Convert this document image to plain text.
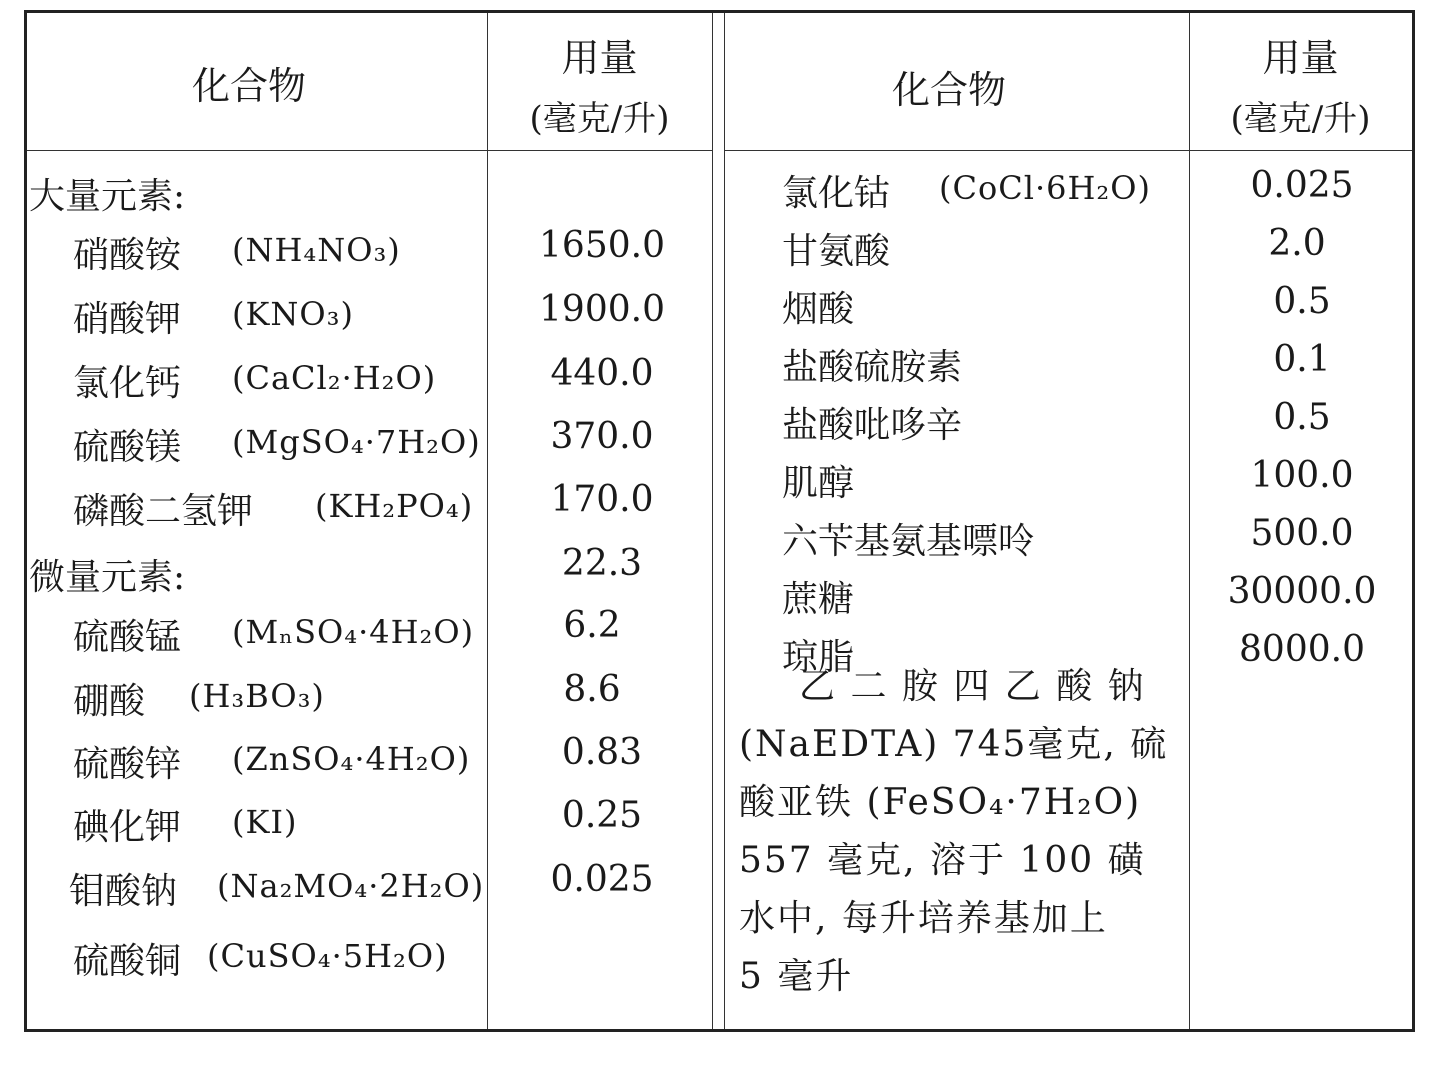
化合物
用量
(毫克/升)
化合物
用量
(毫克/升)
大量元素:
微量元素:
硝酸铵
硝酸钾
氯化钙
硫酸镁
磷酸二氢钾
硫酸锰
硼酸
硫酸锌
碘化钾
钼酸钠
硫酸铜
(NH₄NO₃)
(KNO₃)
(CaCl₂·H₂O)
(MgSO₄·7H₂O)
(KH₂PO₄)
(MₙSO₄·4H₂O)
(H₃BO₃)
(ZnSO₄·4H₂O)
(KI)
(Na₂MO₄·2H₂O)
(CuSO₄·5H₂O)
1650.0
1900.0
440.0
370.0
170.0
22.3
6.2
8.6
0.83
0.25
0.025
氯化钴 (CoCl·6H₂O)
甘氨酸
烟酸
盐酸硫胺素
盐酸吡哆辛
肌醇
六苄基氨基嘌呤
蔗糖
琼脂
0.025
2.0
0.5
0.1
0.5
100.0
500.0
30000.0
8000.0
乙 二 胺 四 乙 酸 钠
(NaEDTA) 745毫克, 硫
酸亚铁 (FeSO₄·7H₂O)
557 毫克, 溶于 100 磺
水中, 每升培养基加上
5 毫升
